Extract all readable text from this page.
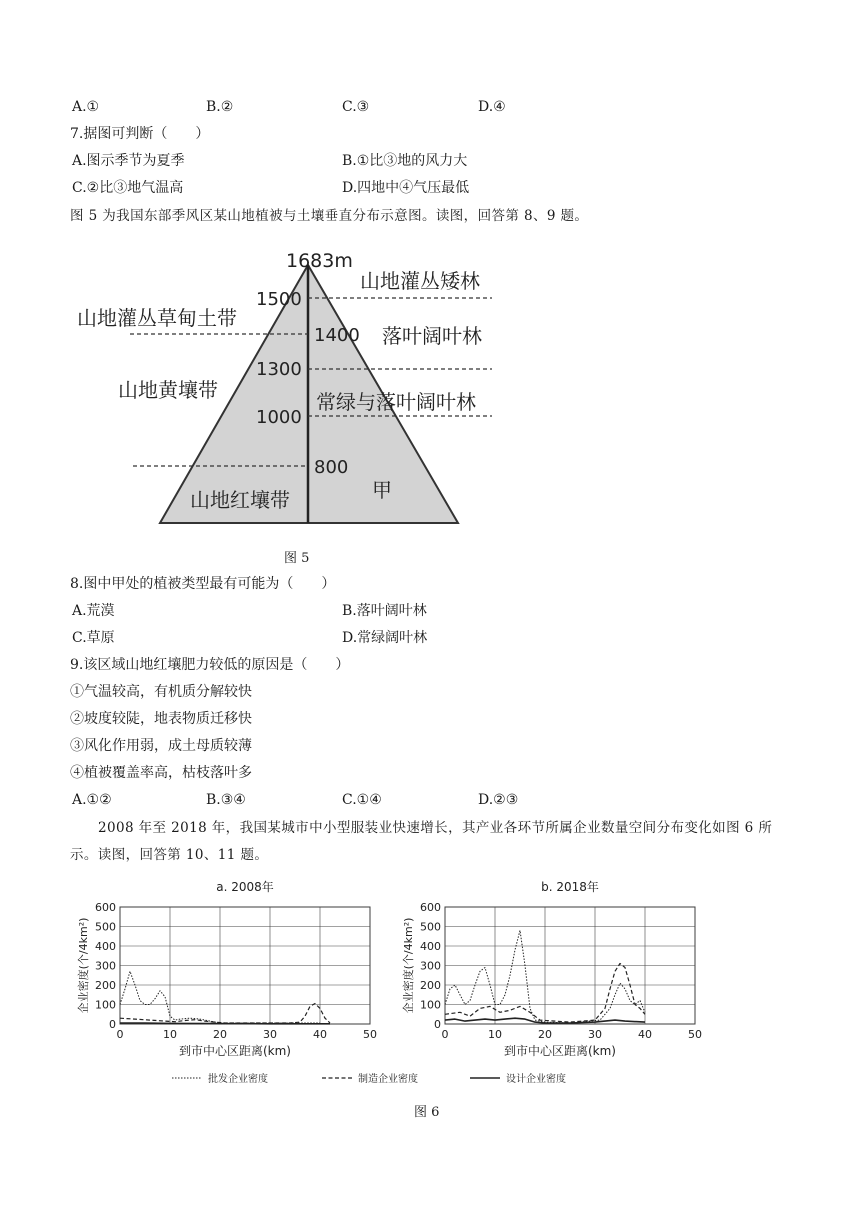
A.①	B.②	C.③	D.④
7.据图可判断（　　）
A.图示季节为夏季	B.①比③地的风力大
C.②比③地气温高	D.四地中④气压最低
图 5 为我国东部季风区某山地植被与土壤垂直分布示意图。读图，回答第 8、9 题。
1683m
1500
1400
1300
1000
800
山地灌丛草甸土带
山地黄壤带
山地红壤带
山地灌丛矮林
落叶阔叶林
常绿与落叶阔叶林
甲
图 5
8.图中甲处的植被类型最有可能为（　　）
A.荒漠	B.落叶阔叶林
C.草原	D.常绿阔叶林
9.该区域山地红壤肥力较低的原因是（　　）
①气温较高，有机质分解较快
②坡度较陡，地表物质迁移快
③风化作用弱，成土母质较薄
④植被覆盖率高，枯枝落叶多
A.①②	B.③④	C.①④	D.②③
2008 年至 2018 年，我国某城市中小型服装业快速增长，其产业各环节所属企业数量空间分布变化如图 6 所示。读图，回答第 10、11 题。
a. 2008年
0
100
200
300
400
500
600
0	10	20	30	40	50
到市中心区距离(km)
企业密度(个/4km²)
b. 2018年
0
100
200
300
400
500
600
0	10	20	30	40	50
到市中心区距离(km)
企业密度(个/4km²)
批发企业密度	制造企业密度	设计企业密度
图 6
